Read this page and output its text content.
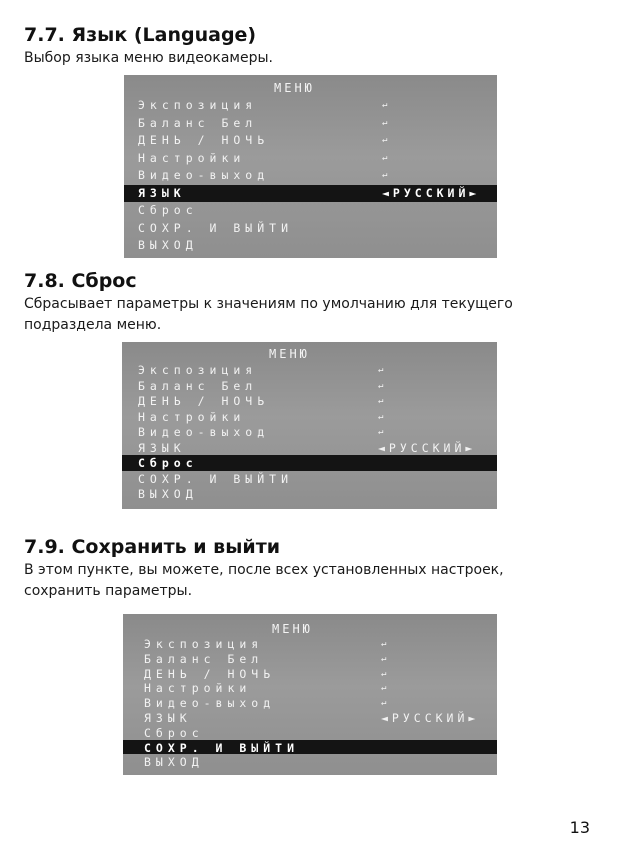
7.7. Язык (Language)
Выбор языка меню видеокамеры.
МЕНЮ
Экспозиция	↵
Баланс Бел	↵
ДЕНЬ / НОЧЬ	↵
Настройки	↵
Видео-выход	↵
ЯЗЫК	◄РУССКИЙ►
Сброс
СОХР. И ВЫЙТИ
ВЫХОД
7.8. Сброс
Сбрасывает параметры к значениям по умолчанию для текущего подраздела меню.
МЕНЮ
Экспозиция	↵
Баланс Бел	↵
ДЕНЬ / НОЧЬ	↵
Настройки	↵
Видео-выход	↵
ЯЗЫК	◄РУССКИЙ►
Сброс
СОХР. И ВЫЙТИ
ВЫХОД
7.9. Сохранить и выйти
В этом пункте, вы можете, после всех установленных настроек, сохранить параметры.
МЕНЮ
Экспозиция	↵
Баланс Бел	↵
ДЕНЬ / НОЧЬ	↵
Настройки	↵
Видео-выход	↵
ЯЗЫК	◄РУССКИЙ►
Сброс
СОХР. И ВЫЙТИ
ВЫХОД
13
